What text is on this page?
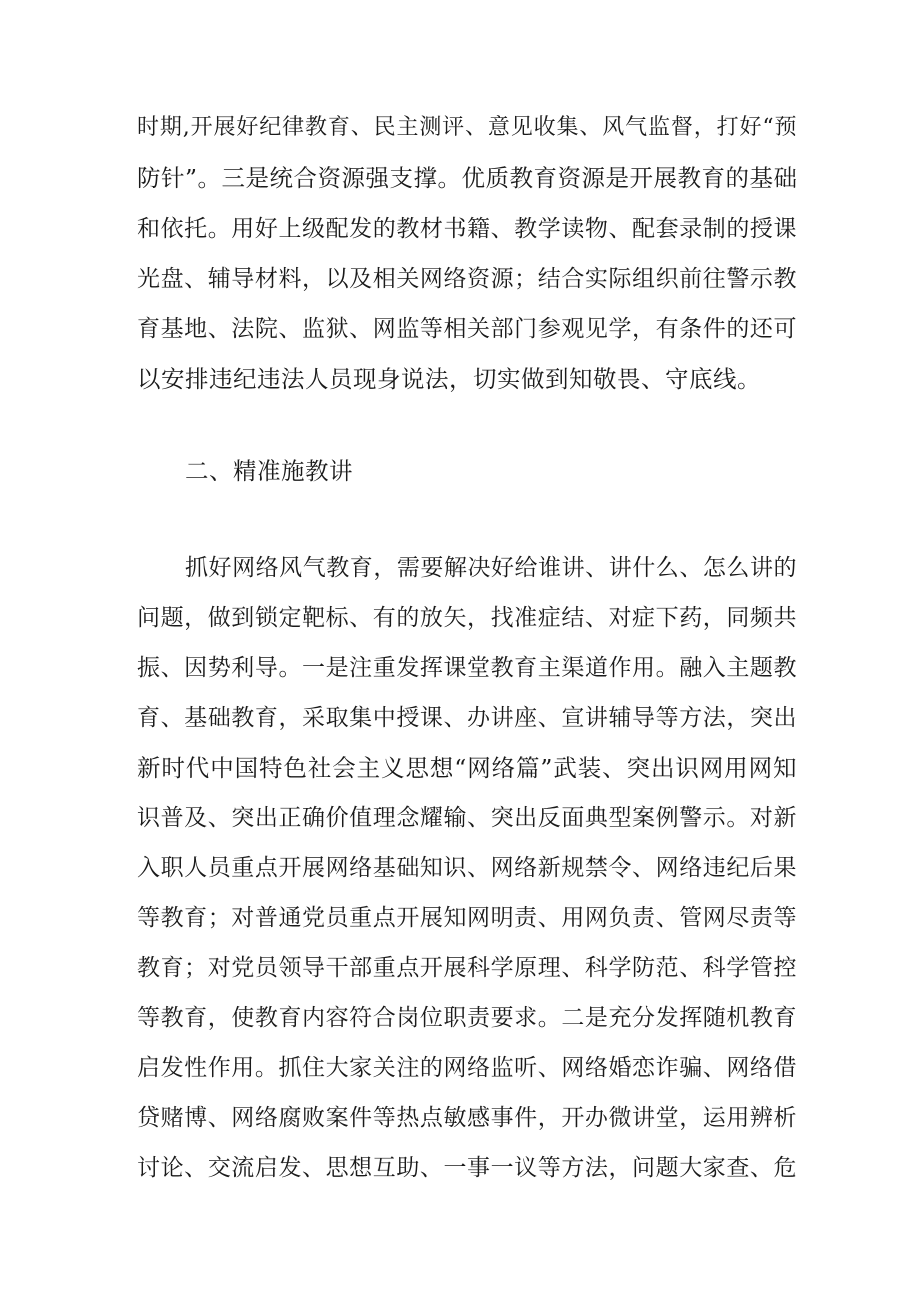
时期,开展好纪律教育、民主测评、意见收集、风气监督，打好“预
防针”。三是统合资源强支撑。优质教育资源是开展教育的基础
和依托。用好上级配发的教材书籍、教学读物、配套录制的授课
光盘、辅导材料，以及相关网络资源；结合实际组织前往警示教
育基地、法院、监狱、网监等相关部门参观见学，有条件的还可
以安排违纪违法人员现身说法，切实做到知敬畏、守底线。
二、精准施教讲
抓好网络风气教育，需要解决好给谁讲、讲什么、怎么讲的
问题，做到锁定靶标、有的放矢，找准症结、对症下药，同频共
振、因势利导。一是注重发挥课堂教育主渠道作用。融入主题教
育、基础教育，采取集中授课、办讲座、宣讲辅导等方法，突出
新时代中国特色社会主义思想“网络篇”武装、突出识网用网知
识普及、突出正确价值理念耀输、突出反面典型案例警示。对新
入职人员重点开展网络基础知识、网络新规禁令、网络违纪后果
等教育；对普通党员重点开展知网明责、用网负责、管网尽责等
教育；对党员领导干部重点开展科学原理、科学防范、科学管控
等教育，使教育内容符合岗位职责要求。二是充分发挥随机教育
启发性作用。抓住大家关注的网络监听、网络婚恋诈骗、网络借
贷赌博、网络腐败案件等热点敏感事件，开办微讲堂，运用辨析
讨论、交流启发、思想互助、一事一议等方法，问题大家查、危
